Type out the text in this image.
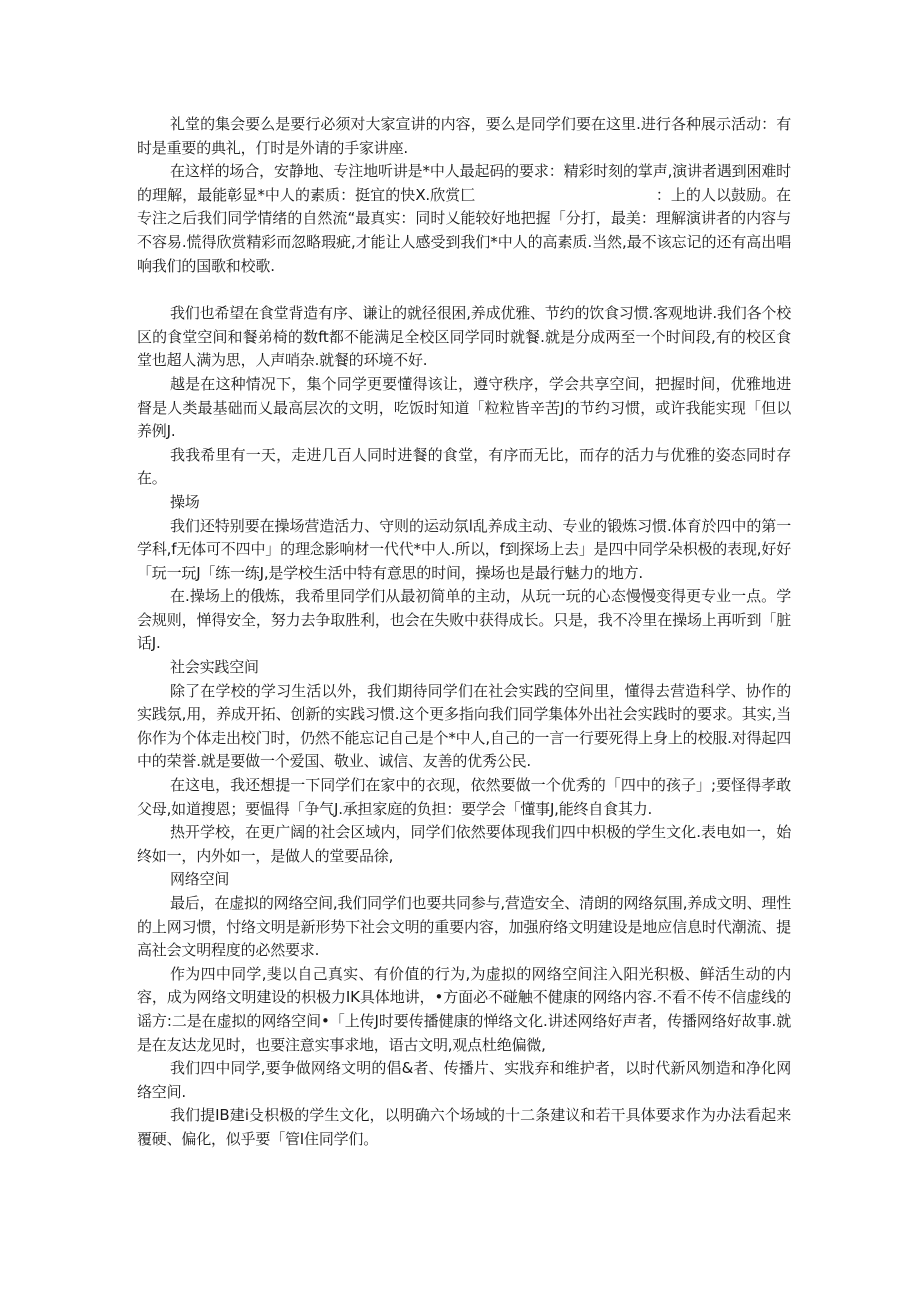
礼堂的集会要么是要行必须对大家宣讲的内容，要么是同学们要在这里.进行各种展示活动：有时是重要的典礼，仃时是外请的手家讲座.

在这样的场合，安静地、专注地听讲是*中人最起码的要求：精彩时刻的掌声,演讲者遇到困难时的理解，最能彰显*中人的素质：挺宜的快X.欣赏匚　　　　　　　　　　　　：上的人以鼓励。在专注之后我们同学情绪的自然流“最真实：同时乂能较好地把握「分打，最美：理解演讲者的内容与不容易.慌得欣赏精彩而忽略瑕疵,才能让人感受到我们*中人的高素质.当然,最不该忘记的还有高出唱响我们的国歌和校歌.

我们也希望在食堂背造有序、谦让的就径很困,养成优雅、节约的饮食习惯.客观地讲.我们各个校区的食堂空间和餐弟椅的数ft都不能满足全校区同学同时就餐.就是分成两至一个时间段,有的校区食堂也超人满为思，人声哨杂.就餐的环境不好.

越是在这种情况下，集个同学更要懂得该让，遵守秩序，学会共享空间，把握时间，优雅地进督是人类最基础而乂最高层次的文明，吃饭时知道「粒粒皆辛苦J的节约习惯，或许我能实现「但以养例J.

我我希里有一天，走进几百人同时进餐的食堂，有序而无比，而存的活力与优雅的姿态同时存在。

操场

我们还特别要在操场营造活力、守则的运动氛l乱养成主动、专业的锻炼习惯.体育於四中的第一学科,f无体可不四中」的理念影响材一代代*中人.所以，f到探场上去」是四中同学朵枳极的表现,好好「玩一玩J「练一练J,是学校生活中特有意思的时间，操场也是最行魅力的地方.

在.操场上的俄炼，我希里同学们从最初简单的主动，从玩一玩的心态慢慢变得更专业一点。学会规则，惮得安全，努力去争取胜利，也会在失败中获得成长。只是，我不冷里在操场上再听到「脏话J.

社会实践空间

除了在学校的学习生活以外，我们期待同学们在社会实践的空间里，懂得去营造科学、协作的实践氛,用，养成开拓、创新的实践习惯.这个更多指向我们同学集体外出社会实践时的要求。其实,当你作为个体走出校门时，仍然不能忘记自己是个*中人,自己的一言一行要死得上身上的校服.对得起四中的荣誉.就是要做一个爱国、敬业、诚信、友善的优秀公民.

在这电，我还想提一下同学们在家中的衣现，依然要做一个优秀的「四中的孩子」;要怪得孝敢父母,如道搜恩；要愠得「争气J.承担家庭的负担：要学会「懂事J,能终自食其力.

热开学校，在更广阔的社会区域内，同学们依然要体现我们四中枳极的学生文化.表电如一，始终如一，内外如一，是做人的堂要品徐,

网络空间

最后，在虚拟的网络空间,我们同学们也要共同参与,营造安全、清朗的网络氛围,养成文明、理性的上网习惯，忖络文明是新形势下社会文明的重要内容，加强府络文明建设是地应信息时代潮流、提高社会文明程度的必然要求.

作为四中同学,斐以自己真实、有价值的行为,为虚拟的网络空间注入阳光积极、鲜活生动的内容，成为网络文明建设的枳极力IK具体地讲，•方面必不碰触不健康的网络内容.不看不传不信虚线的谣方:二是在虚拟的网络空间•「上传J时要传播健康的惮络文化.讲述网络好声者，传播网络好故事.就是在友达龙见时，也要注意实事求地，语古文明,观点杜绝偏微,

我们四中同学,要争做网络文明的倡&者、传播片、实戕弃和维护者，以时代新风刎造和净化网络空间.

我们提IB建i殳枳极的学生文化，以明确六个场域的十二条建议和若干具体要求作为办法看起来覆硬、偏化，似乎要「管I住同学们。
